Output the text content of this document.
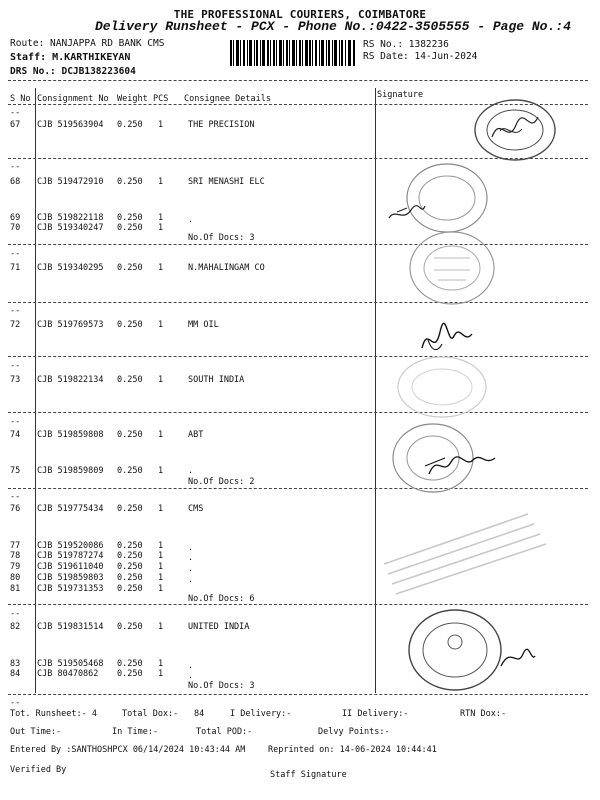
THE PROFESSIONAL COURIERS, COIMBATORE
Delivery Runsheet - PCX - Phone No.:0422-3505555 - Page No.:4
Route: NANJAPPA RD BANK CMS
Staff: M.KARTHIKEYAN
DRS No.: DCJB138223604
RS No.: 1382236
RS Date: 14-Jun-2024
S No Consignment No Weight PCS Consignee Details	Signature
--
--
--
--
--
--
--
--
--
67 CJB 519563904 0.250 1	THE PRECISION
68 CJB 519472910 0.250 1	SRI MENASHI ELC
69 CJB 519822118 0.250 1	.
70 CJB 519340247 0.250 1
No.Of Docs: 3
71 CJB 519340295 0.250 1	N.MAHALINGAM CO
72 CJB 519769573 0.250 1	MM OIL
73 CJB 519822134 0.250 1	SOUTH INDIA
74 CJB 519859808 0.250 1	ABT
75 CJB 519859809 0.250 1	.
No.Of Docs: 2
76 CJB 519775434 0.250 1	CMS
77 CJB 519520086 0.250 1	.
78 CJB 519787274 0.250 1	.
79 CJB 519611040 0.250 1	.
80 CJB 519859803 0.250 1	.
81 CJB 519731353 0.250 1
No.Of Docs: 6
82 CJB 519831514 0.250 1	UNITED INDIA
83 CJB 519505468 0.250 1	.
84 CJB 80470862 0.250 1	.
No.Of Docs: 3
Tot. Runsheet:- 4	Total Dox:- 84	I Delivery:-	II Delivery:-	RTN Dox:-
Out Time:-	In Time:-	Total POD:-	Delvy Points:-
Entered By :SANTHOSHPCX 06/14/2024 10:43:44 AM	Reprinted on: 14-06-2024 10:44:41
Verified By	Staff Signature
